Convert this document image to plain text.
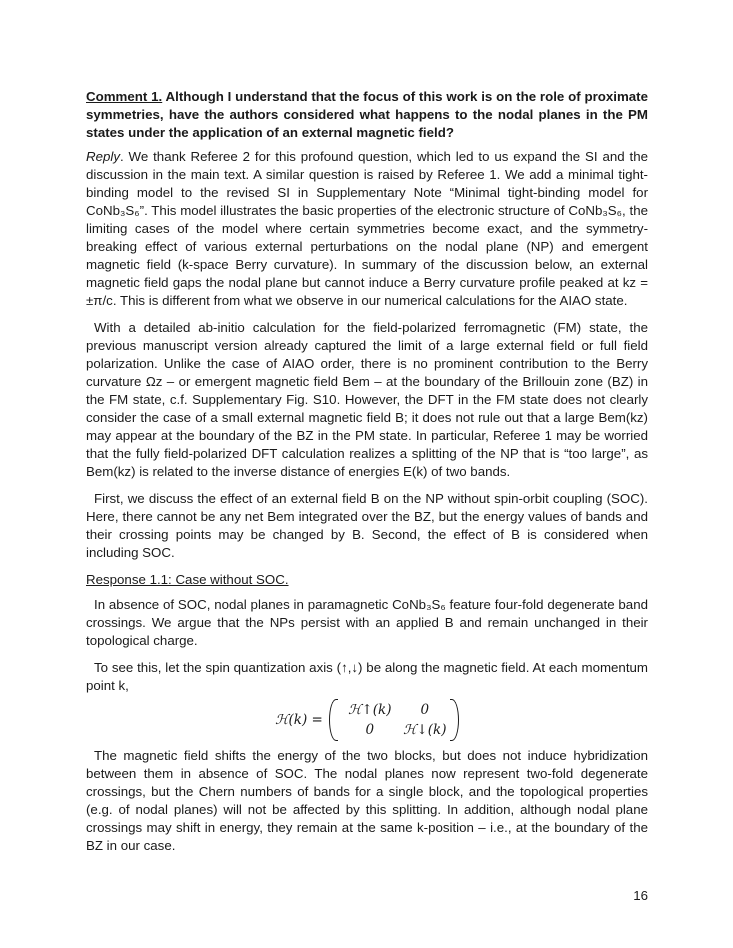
Comment 1. Although I understand that the focus of this work is on the role of proximate symmetries, have the authors considered what happens to the nodal planes in the PM states under the application of an external magnetic field?

Reply. We thank Referee 2 for this profound question, which led to us expand the SI and the discussion in the main text. A similar question is raised by Referee 1. We add a minimal tight-binding model to the revised SI in Supplementary Note “Minimal tight-binding model for CoNb₃S₆”. This model illustrates the basic properties of the electronic structure of CoNb₃S₆, the limiting cases of the model where certain symmetries become exact, and the symmetry-breaking effect of various external perturbations on the nodal plane (NP) and emergent magnetic field (k-space Berry curvature). In summary of the discussion below, an external magnetic field gaps the nodal plane but cannot induce a Berry curvature profile peaked at kz = ±π/c. This is different from what we observe in our numerical calculations for the AIAO state.

With a detailed ab-initio calculation for the field-polarized ferromagnetic (FM) state, the previous manuscript version already captured the limit of a large external field or full field polarization. Unlike the case of AIAO order, there is no prominent contribution to the Berry curvature Ωz – or emergent magnetic field Bem – at the boundary of the Brillouin zone (BZ) in the FM state, c.f. Supplementary Fig. S10. However, the DFT in the FM state does not clearly consider the case of a small external magnetic field B; it does not rule out that a large Bem(kz) may appear at the boundary of the BZ in the PM state. In particular, Referee 1 may be worried that the fully field-polarized DFT calculation realizes a splitting of the NP that is “too large”, as Bem(kz) is related to the inverse distance of energies E(k) of two bands.

First, we discuss the effect of an external field B on the NP without spin-orbit coupling (SOC). Here, there cannot be any net Bem integrated over the BZ, but the energy values of bands and their crossing points may be changed by B. Second, the effect of B is considered when including SOC.

Response 1.1: Case without SOC.

In absence of SOC, nodal planes in paramagnetic CoNb₃S₆ feature four-fold degenerate band crossings. We argue that the NPs persist with an applied B and remain unchanged in their topological charge.

To see this, let the spin quantization axis (↑,↓) be along the magnetic field. At each momentum point k,

ℋ(k) =
ℋ↑(k)	0
0	ℋ↓(k)

The magnetic field shifts the energy of the two blocks, but does not induce hybridization between them in absence of SOC. The nodal planes now represent two-fold degenerate crossings, but the Chern numbers of bands for a single block, and the topological properties (e.g. of nodal planes) will not be affected by this splitting. In addition, although nodal plane crossings may shift in energy, they remain at the same k-position – i.e., at the boundary of the BZ in our case.

16
